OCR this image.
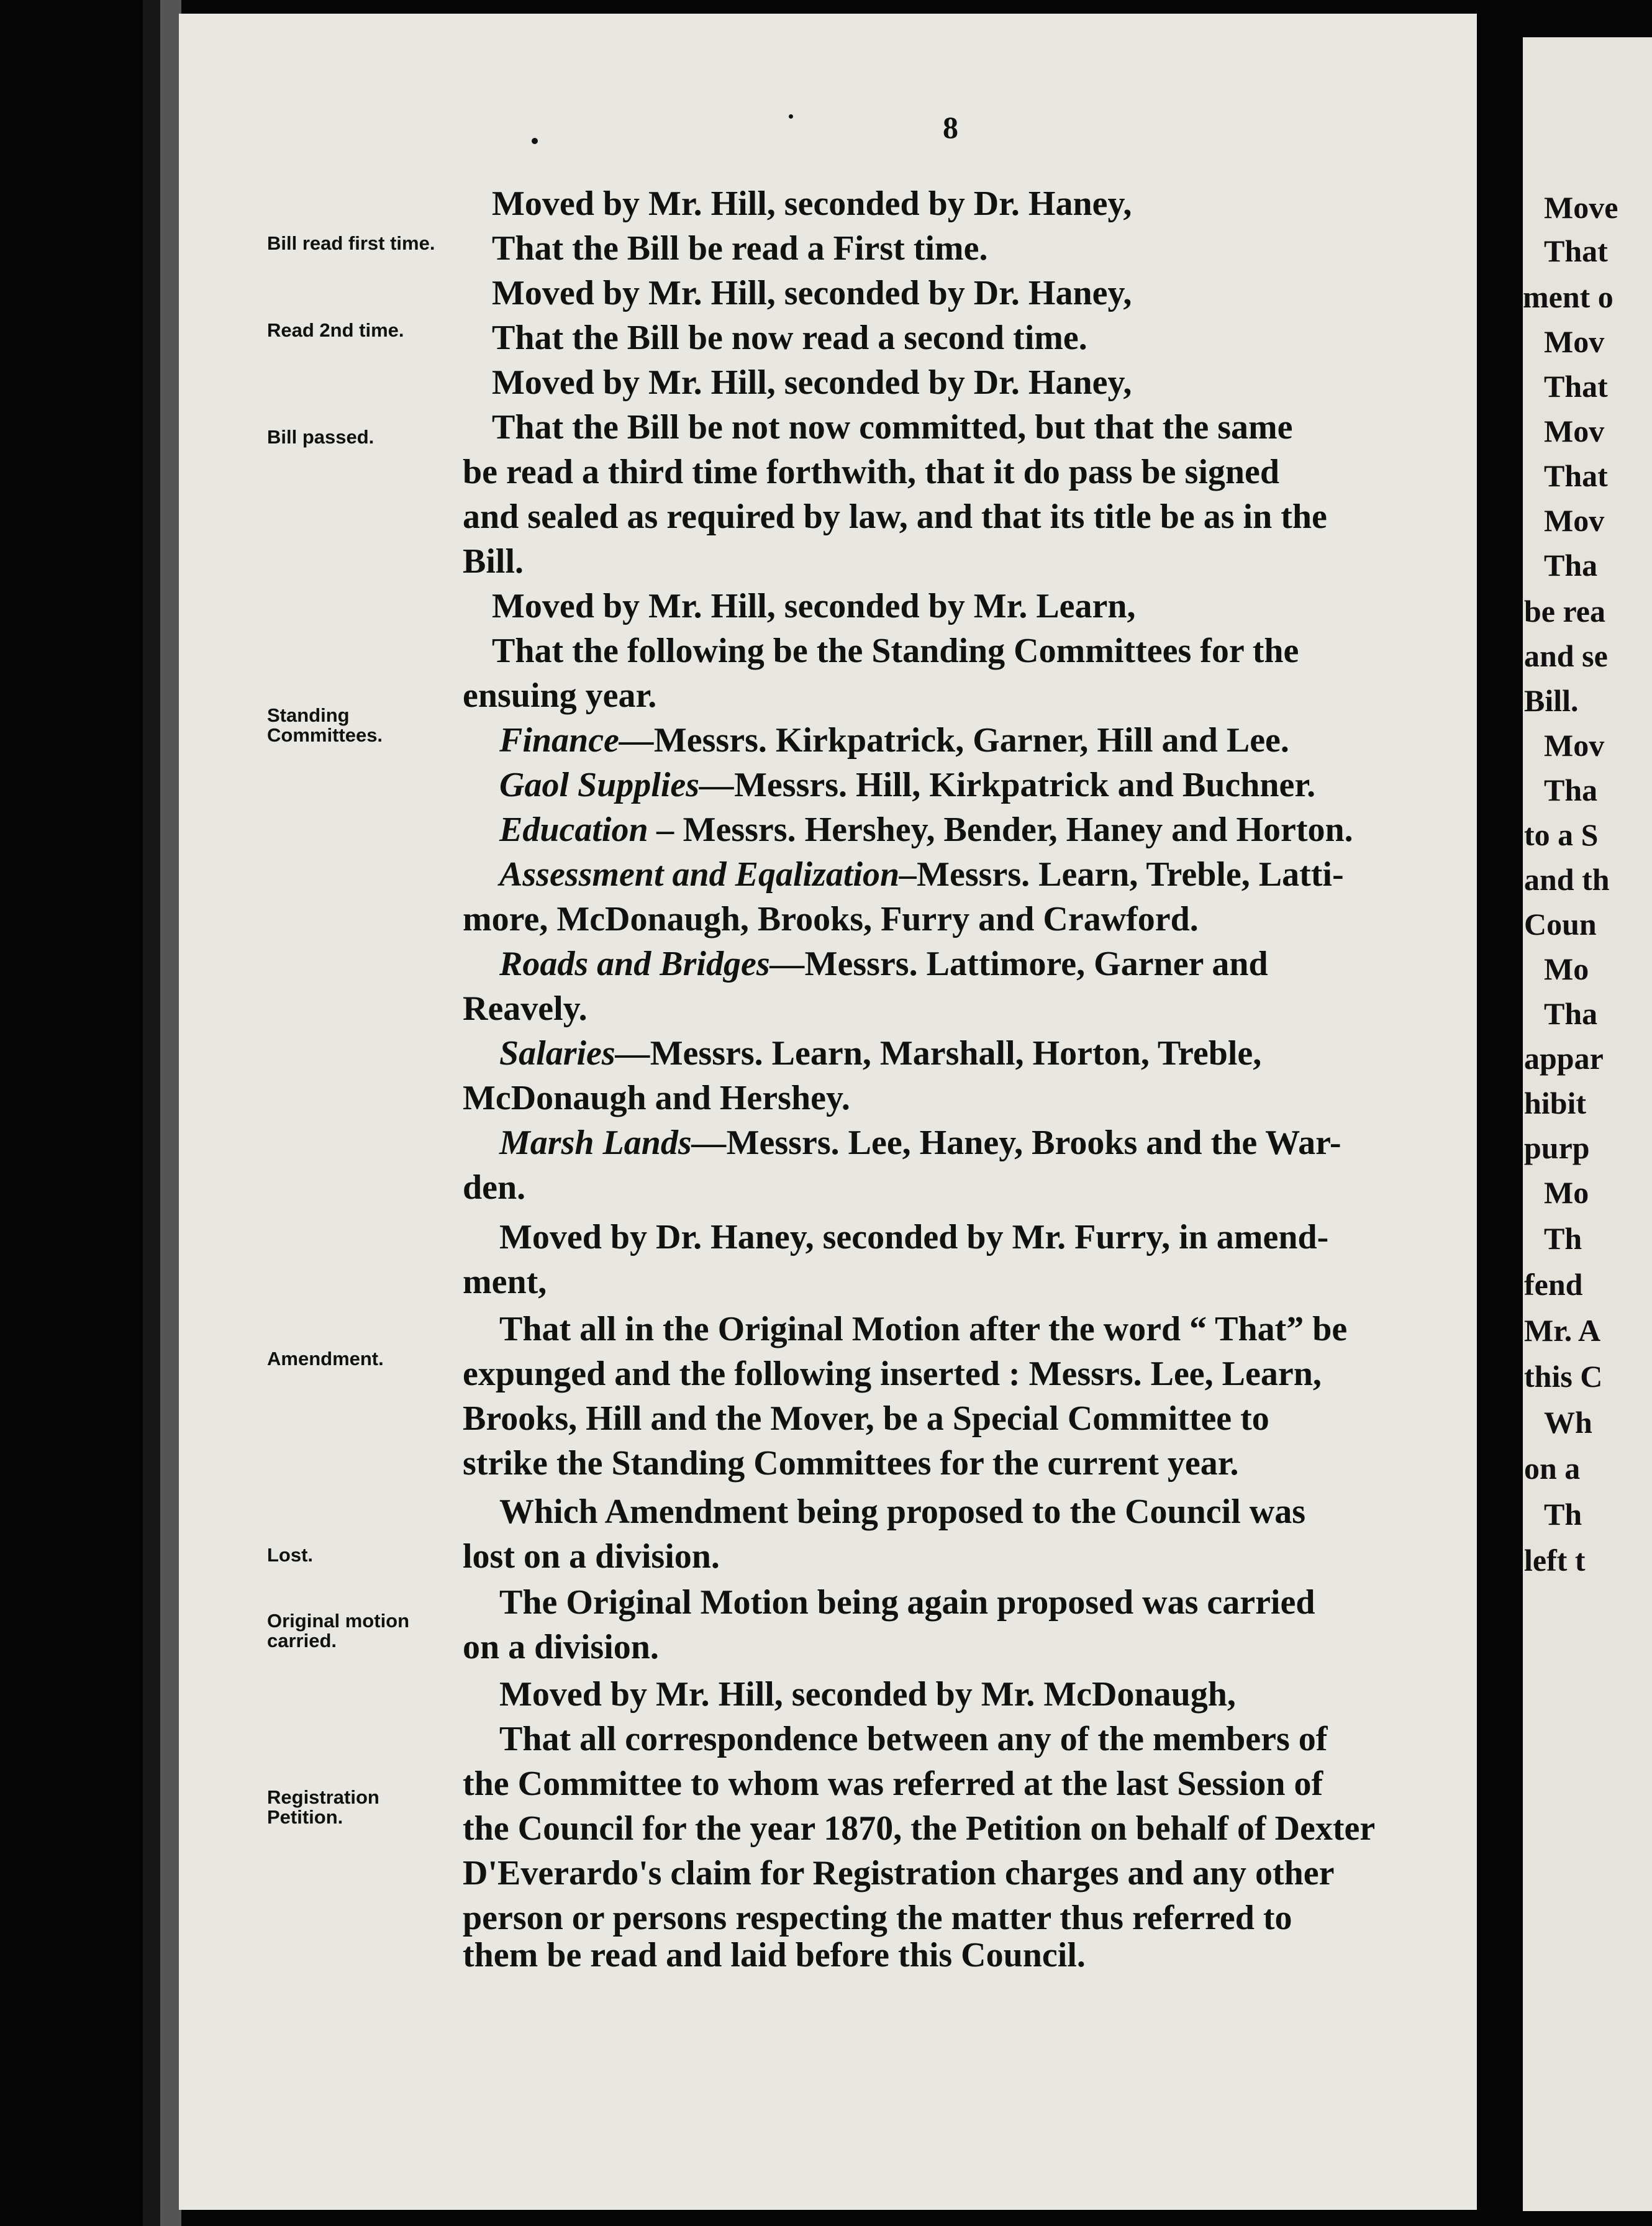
8
Bill read first time.
Read 2nd time.
Bill passed.
Standing Committees.
Amendment.
Lost.
Original motion carried.
Registration Petition.
Moved by Mr. Hill, seconded by Dr. Haney,
That the Bill be read a First time.
Moved by Mr. Hill, seconded by Dr. Haney,
That the Bill be now read a second time.
Moved by Mr. Hill, seconded by Dr. Haney,
That the Bill be not now committed, but that the same
be read a third time forthwith, that it do pass be signed
and sealed as required by law, and that its title be as in the
Bill.
Moved by Mr. Hill, seconded by Mr. Learn,
That the following be the Standing Committees for the
ensuing year.
Finance—Messrs. Kirkpatrick, Garner, Hill and Lee.
Gaol Supplies—Messrs. Hill, Kirkpatrick and Buchner.
Education – Messrs. Hershey, Bender, Haney and Horton.
Assessment and Eqalization–Messrs. Learn, Treble, Latti-
more, McDonaugh, Brooks, Furry and Crawford.
Roads and Bridges—Messrs. Lattimore, Garner and
Reavely.
Salaries—Messrs. Learn, Marshall, Horton, Treble,
McDonaugh and Hershey.
Marsh Lands—Messrs. Lee, Haney, Brooks and the War-
den.
Moved by Dr. Haney, seconded by Mr. Furry, in amend-
ment,
That all in the Original Motion after the word “ That” be
expunged and the following inserted : Messrs. Lee, Learn,
Brooks, Hill and the Mover, be a Special Committee to
strike the Standing Committees for the current year.
Which Amendment being proposed to the Council was
lost on a division.
The Original Motion being again proposed was carried
on a division.
Moved by Mr. Hill, seconded by Mr. McDonaugh,
That all correspondence between any of the members of
the Committee to whom was referred at the last Session of
the Council for the year 1870, the Petition on behalf of Dexter
D'Everardo's claim for Registration charges and any other
person or persons respecting the matter thus referred to
them be read and laid before this Council.
Move
That
ment o
Mov
That
Mov
That
Mov
Tha
be rea
and se
Bill.
Mov
Tha
to a S
and th
Coun
Mo
Tha
appar
hibit
purp
Mo
Th
fend
Mr. A
this C
Wh
on a
Th
left t
